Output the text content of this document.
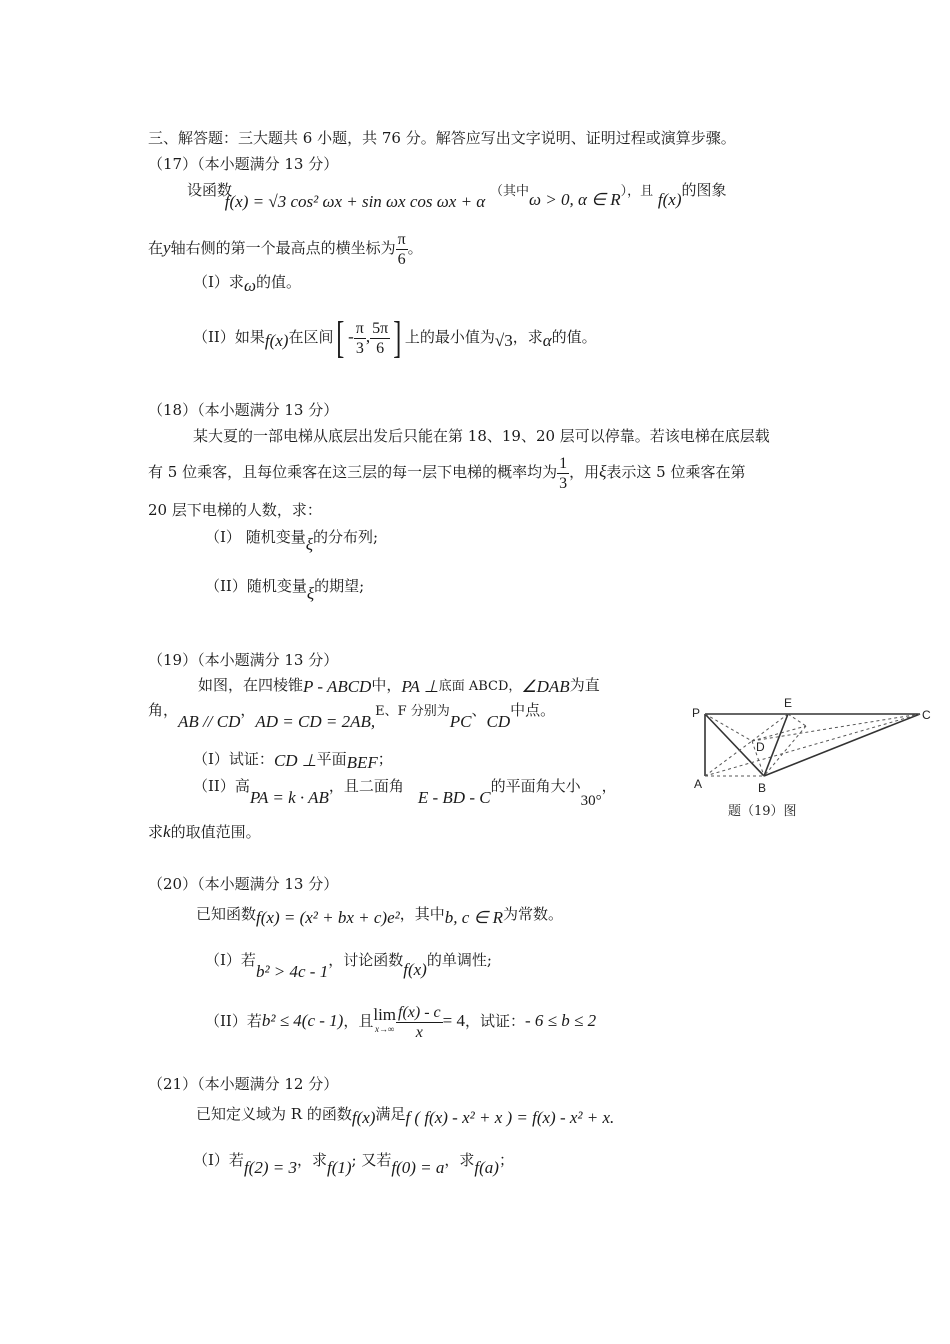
三、解答题：三大题共 6 小题，共 76 分。解答应写出文字说明、证明过程或演算步骤。
（17）（本小题满分 13 分）
设函数 f(x) = √3 cos² ωx + sin ωx cos ωx + α （其中ω > 0, α ∈ R），且 f(x)的图象
在y轴右侧的第一个最高点的横坐标为 $\frac{\pi}{6}$ 。
（I）求ω的值。
（II）如果f(x)在区间[ - $\frac{\pi}{3}$ , $\frac{5\pi}{6}$ ] 上的最小值为√3，求α的值。
（18）（本小题满分 13 分）
某大夏的一部电梯从底层出发后只能在第 18、19、20 层可以停靠。若该电梯在底层载
有 5 位乘客，且每位乘客在这三层的每一层下电梯的概率均为 $\frac{1}{3}$ ，用ξ表示这 5 位乘客在第
20 层下电梯的人数，求：
（I） 随机变量ξ的分布列;
（II）随机变量ξ的期望;
（19）（本小题满分 13 分）
如图，在四棱锥P - ABCD中，PA ⊥底面 ABCD，∠DAB为直
角，AB // CD，AD = CD = 2AB,E、F 分别为PC、CD中点。
（I）试证：CD ⊥平面BEF；
（II）高PA = k · AB，且二面角E - BD - C的平面角大小30°，
求k的取值范围。
P
E
C
D
A	B
题（19）图
（20）（本小题满分 13 分）
已知函数f(x) = (x² + bx + c)e²，其中b, c ∈ R为常数。
（I）若b² > 4c - 1，讨论函数f(x)的单调性;
（II）若b² ≤ 4(c - 1)，且 lim
$x\to\infty \frac{f(x) - c}{x} = 4$，试证：- 6 ≤ b ≤ 2
（21）（本小题满分 12 分）
已知定义域为 R 的函数f(x)满足f ( f(x) - x² + x ) = f(x) - x² + x.
（I）若f(2) = 3，求f(1); 又若f(0) = a，求f(a)；
